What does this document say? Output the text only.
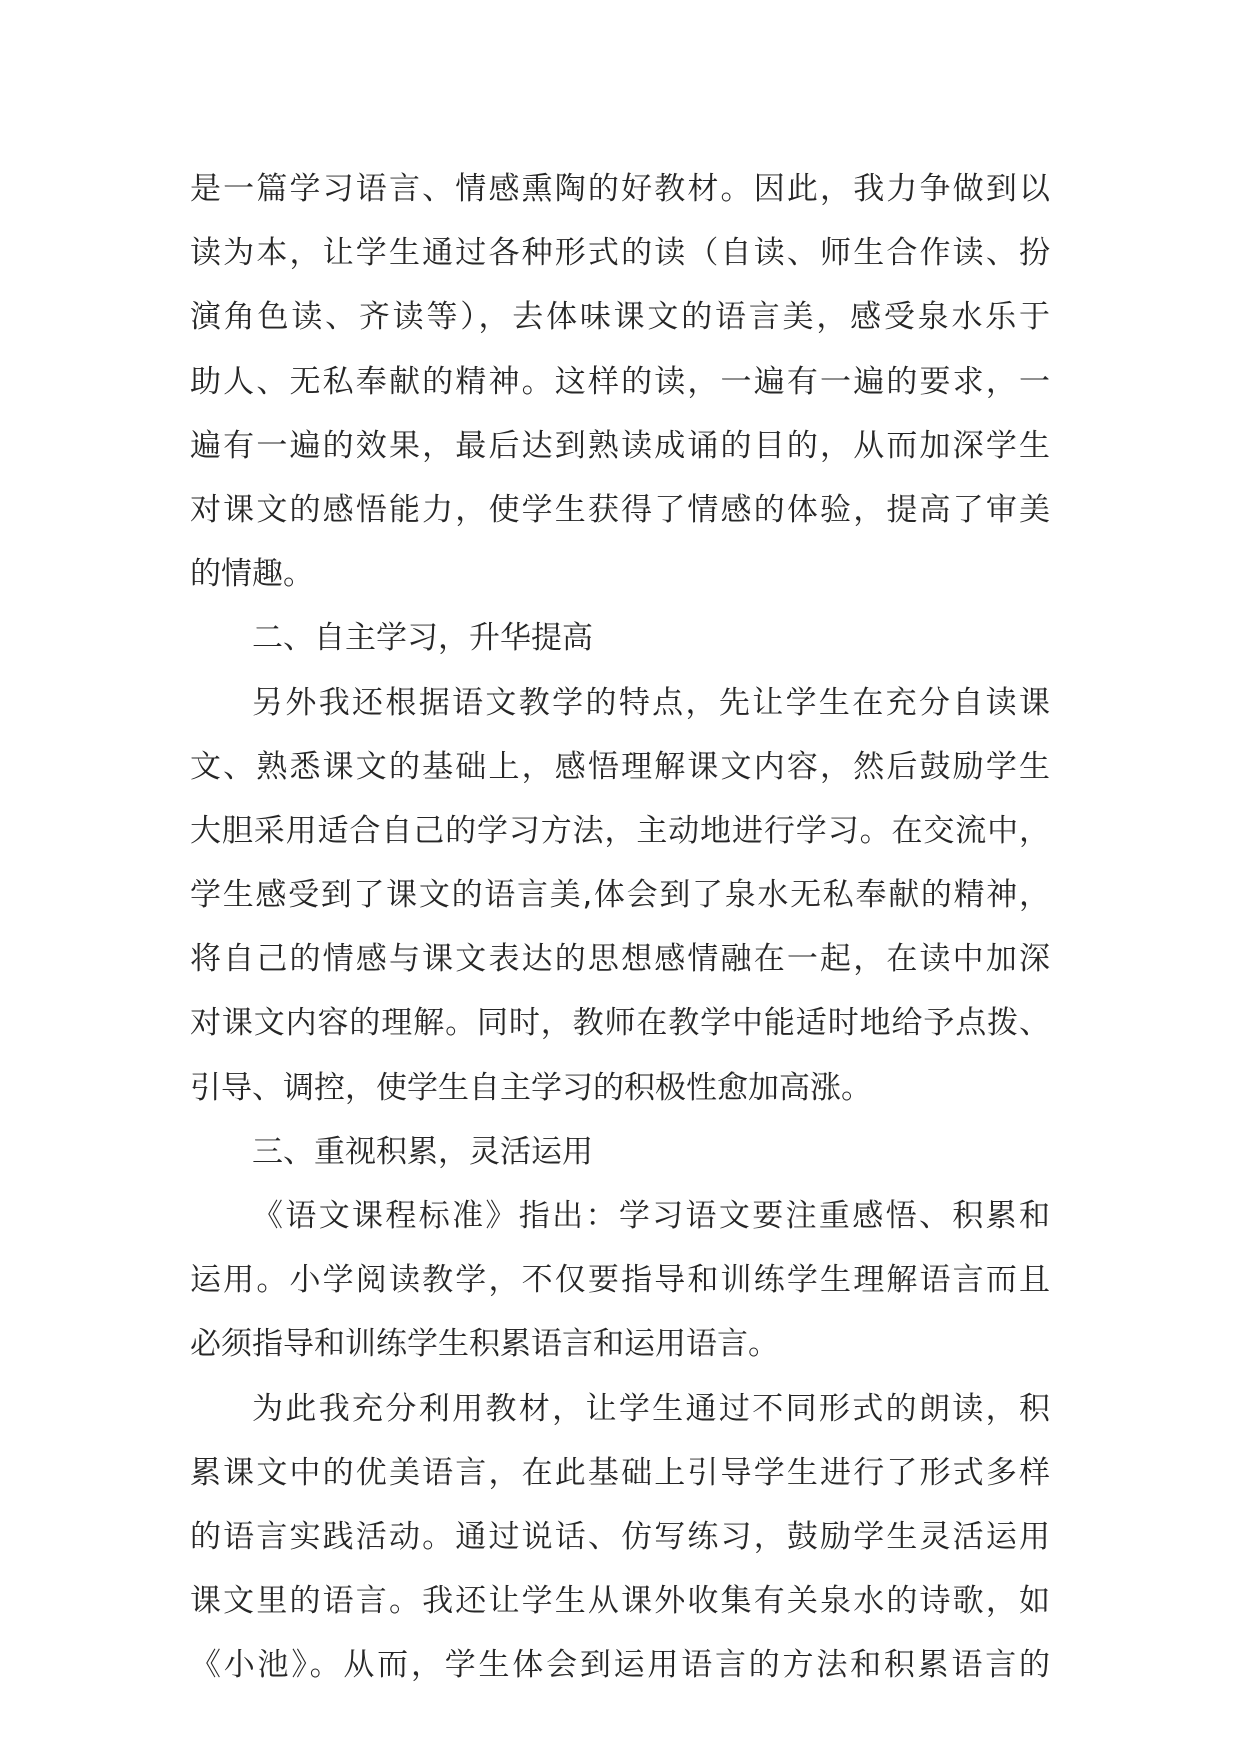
是一篇学习语言、情感熏陶的好教材。因此，我力争做到以
读为本，让学生通过各种形式的读（自读、师生合作读、扮
演角色读、齐读等），去体味课文的语言美，感受泉水乐于
助人、无私奉献的精神。这样的读，一遍有一遍的要求，一
遍有一遍的效果，最后达到熟读成诵的目的，从而加深学生
对课文的感悟能力，使学生获得了情感的体验，提高了审美
的情趣。
二、自主学习，升华提高
另外我还根据语文教学的特点，先让学生在充分自读课
文、熟悉课文的基础上，感悟理解课文内容，然后鼓励学生
大胆采用适合自己的学习方法，主动地进行学习。在交流中，
学生感受到了课文的语言美,体会到了泉水无私奉献的精神，
将自己的情感与课文表达的思想感情融在一起，在读中加深
对课文内容的理解。同时，教师在教学中能适时地给予点拨、
引导、调控，使学生自主学习的积极性愈加高涨。
三、重视积累，灵活运用
《语文课程标准》指出：学习语文要注重感悟、积累和
运用。小学阅读教学，不仅要指导和训练学生理解语言而且
必须指导和训练学生积累语言和运用语言。
为此我充分利用教材，让学生通过不同形式的朗读，积
累课文中的优美语言，在此基础上引导学生进行了形式多样
的语言实践活动。通过说话、仿写练习，鼓励学生灵活运用
课文里的语言。我还让学生从课外收集有关泉水的诗歌，如
《小池》。从而，学生体会到运用语言的方法和积累语言的
